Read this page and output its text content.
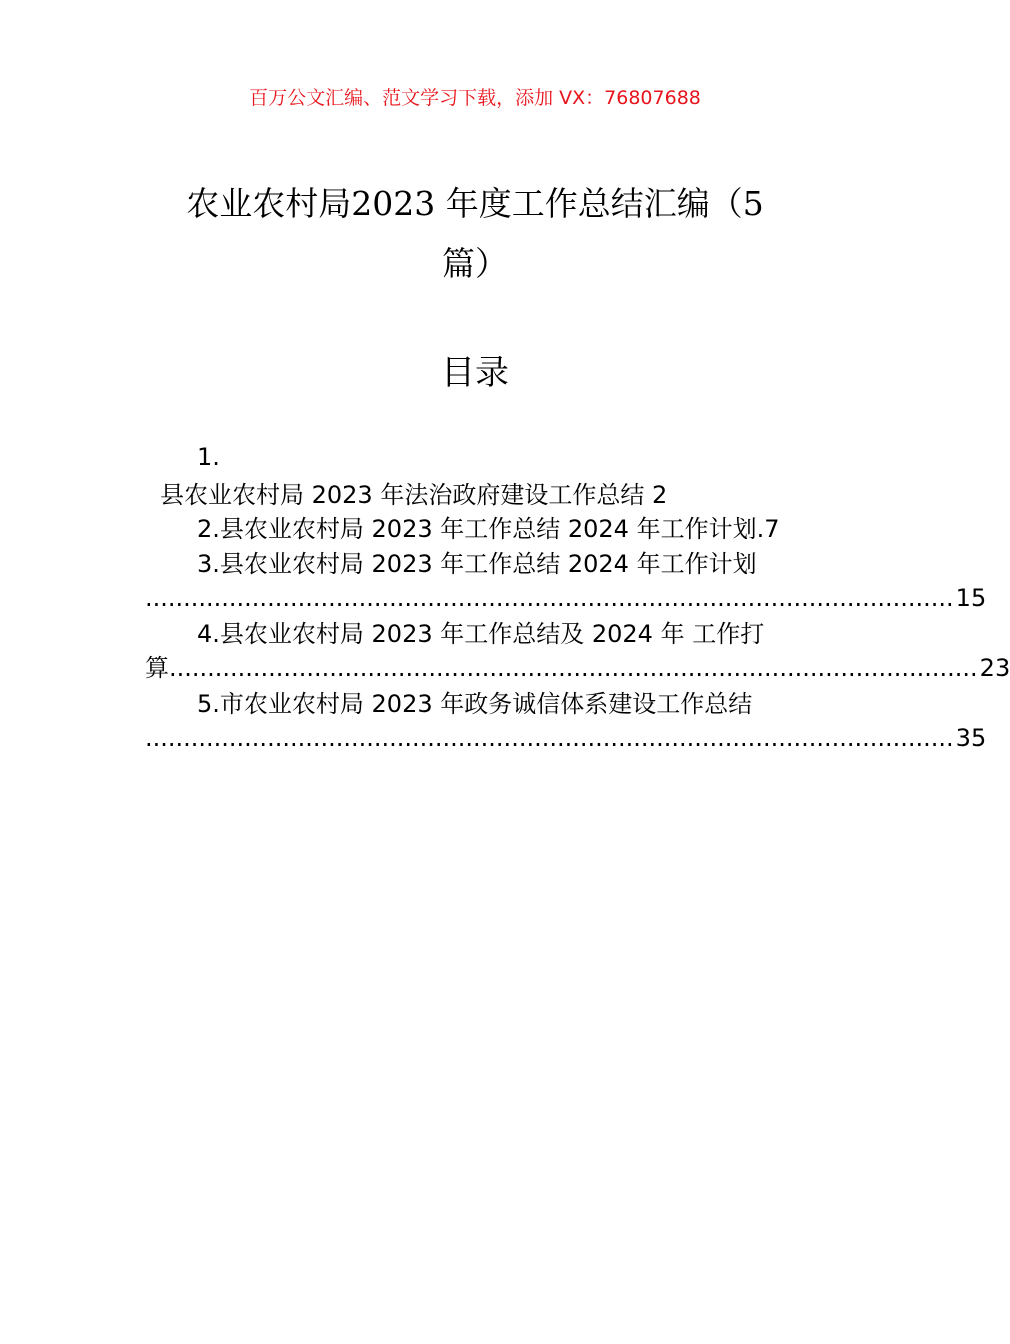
百万公文汇编、范文学习下载，添加 VX：76807688
农业农村局2023 年度工作总结汇编（5
篇）
目录
1.
县农业农村局 2023 年法治政府建设工作总结 2
2.县农业农村局 2023 年工作总结 2024 年工作计划.7
3.县农业农村局 2023 年工作总结 2024 年工作计划
.......................................................................................................... 15
4.县农业农村局 2023 年工作总结及 2024 年 工作打
算 .......................................................................................................... 23
5.市农业农村局 2023 年政务诚信体系建设工作总结
.......................................................................................................... 35
